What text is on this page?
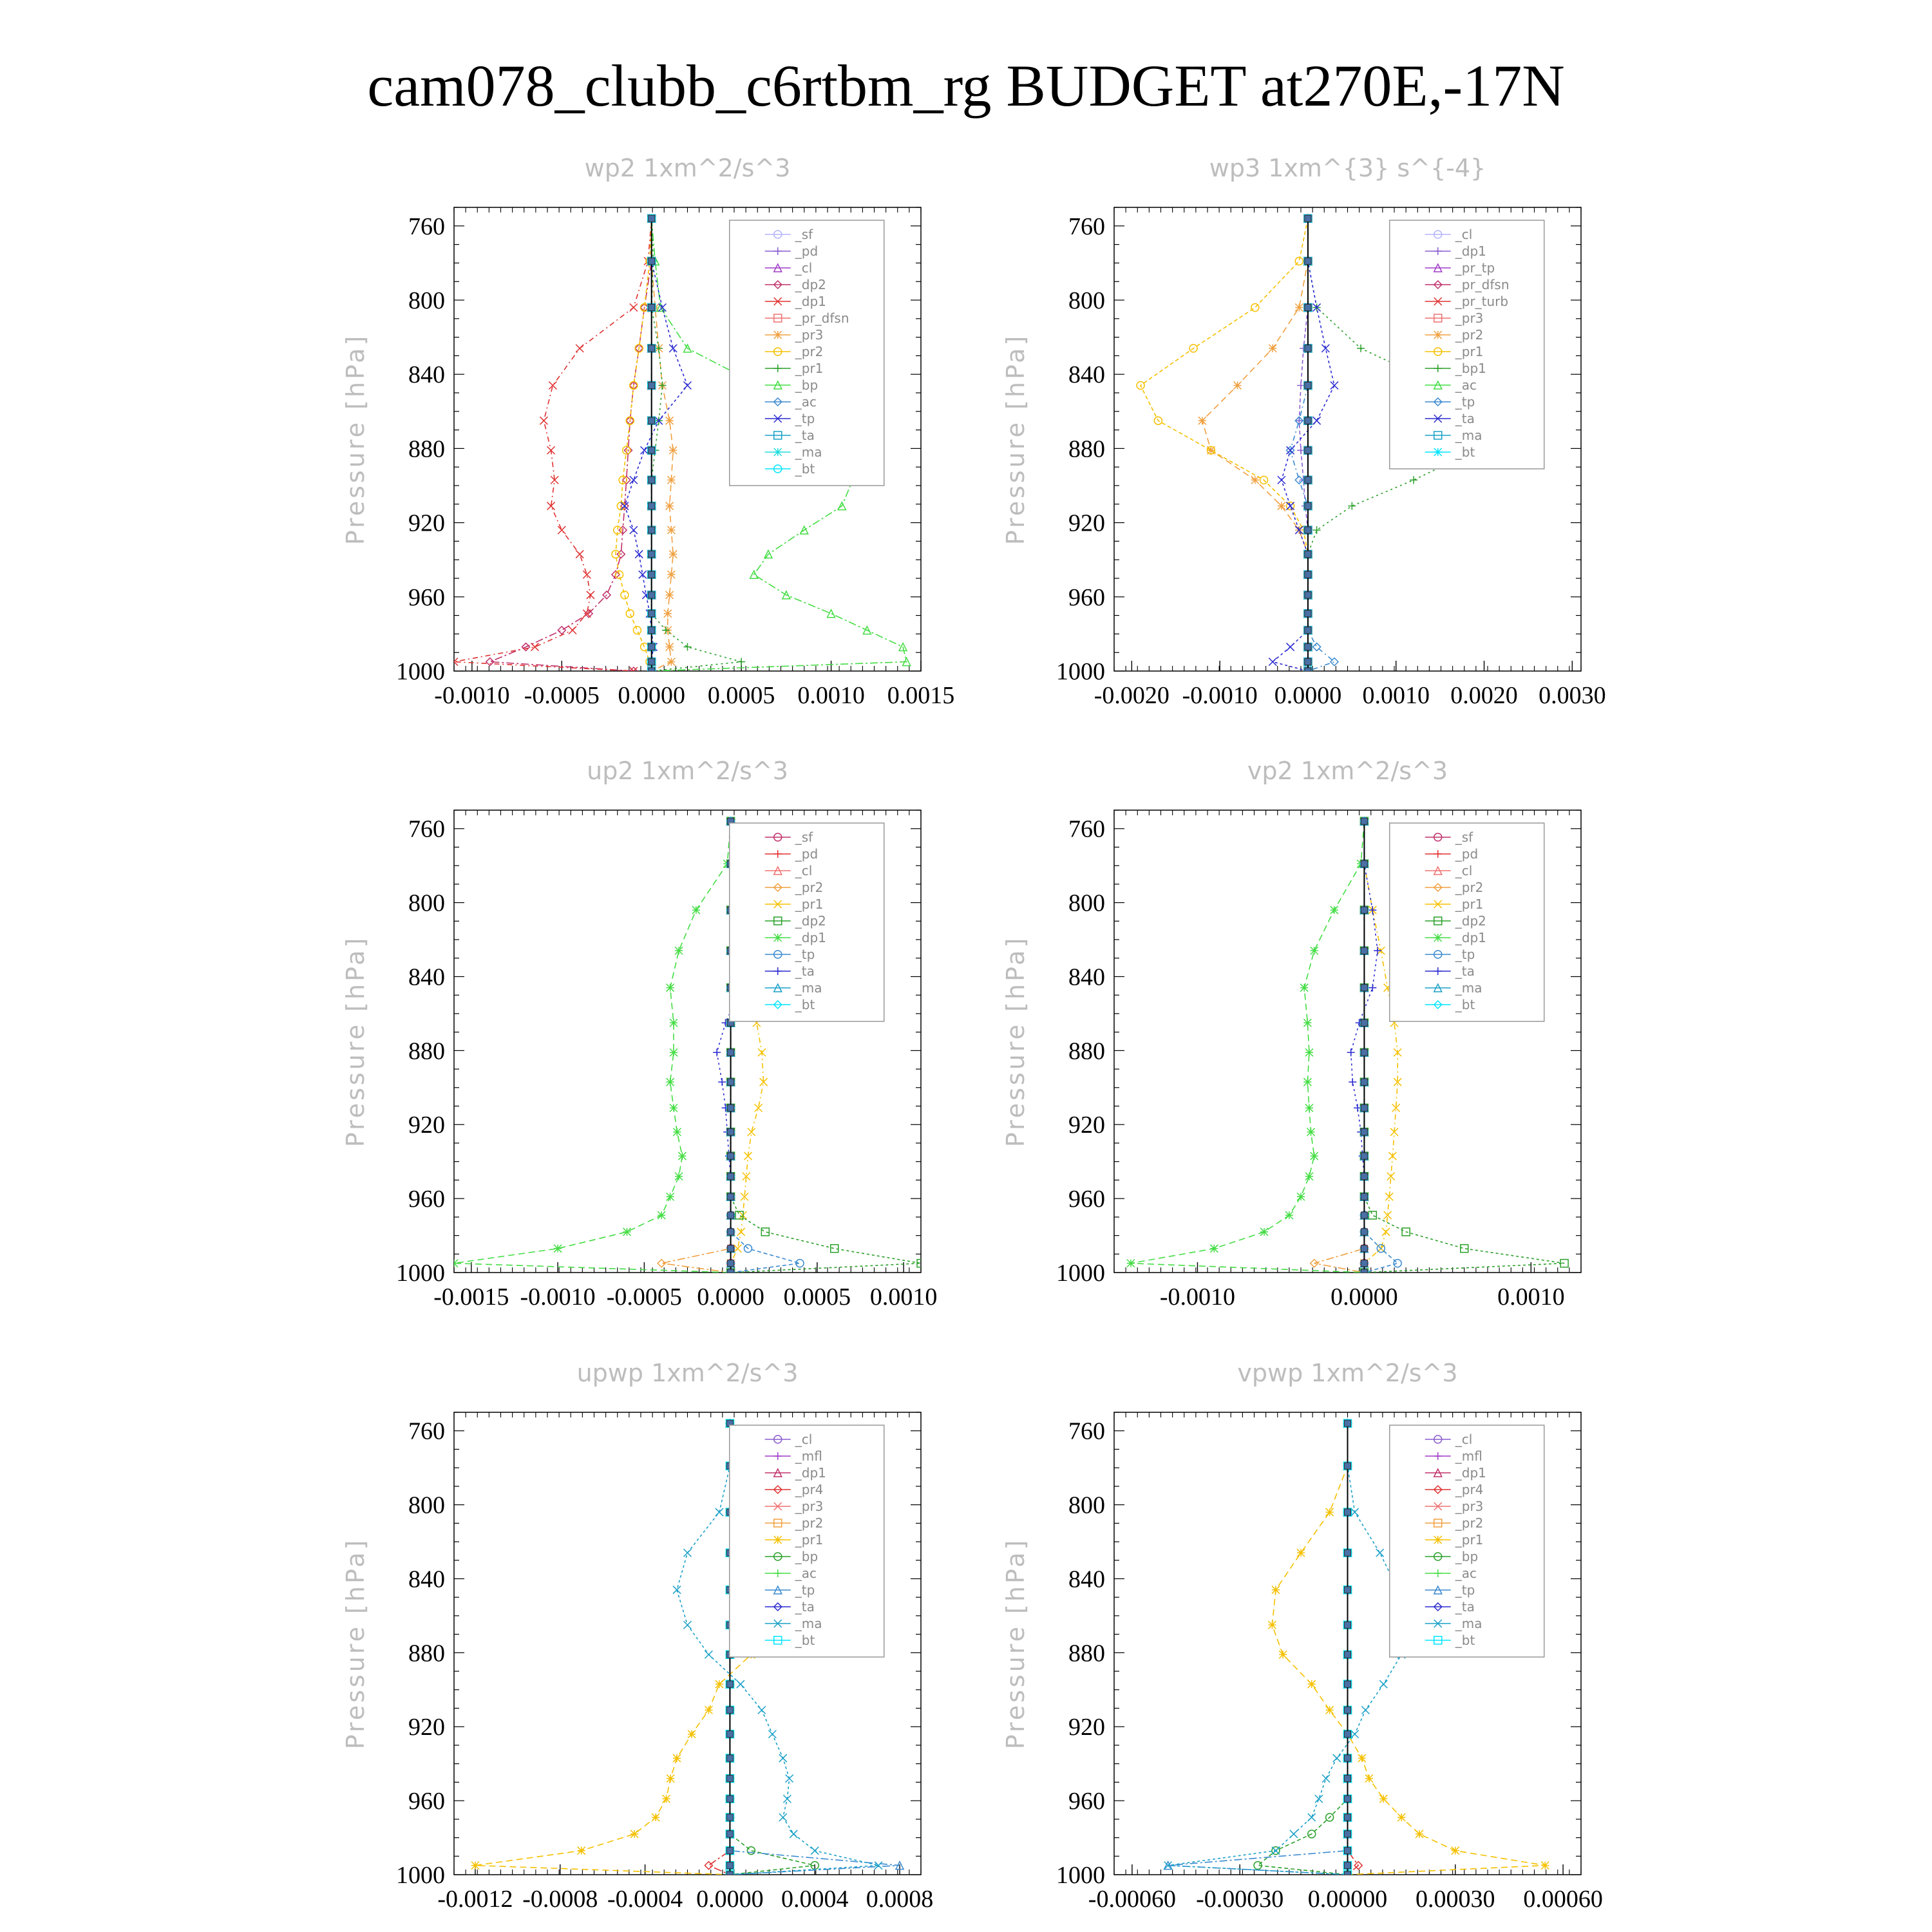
cam078_clubb_c6rtbm_rg BUDGET at270E,-17N
wp2 1xm^2/s^3
Pressure [hPa]
760
800
840
880
920
960
1000
-0.0010 -0.0005 0.0000 0.0005 0.0010 0.0015
_sf
_pd
_cl
_dp2
_dp1
_pr_dfsn
_pr3
_pr2
_pr1
_bp
_ac
_tp
_ta
_ma
_bt
wp3 1xm^{3} s^{-4}
Pressure [hPa]
760
800
840
880
920
960
1000
-0.0020 -0.0010 0.0000 0.0010 0.0020 0.0030
_cl
_dp1
_pr_tp
_pr_dfsn
_pr_turb
_pr3
_pr2
_pr1
_bp1
_ac
_tp
_ta
_ma
_bt
up2 1xm^2/s^3
Pressure [hPa]
760
800
840
880
920
960
1000
-0.0015 -0.0010 -0.0005 0.0000 0.0005 0.0010
_sf
_pd
_cl
_pr2
_pr1
_dp2
_dp1
_tp
_ta
_ma
_bt
vp2 1xm^2/s^3
Pressure [hPa]
760
800
840
880
920
960
1000
-0.0010	0.0000	0.0010
_sf
_pd
_cl
_pr2
_pr1
_dp2
_dp1
_tp
_ta
_ma
_bt
upwp 1xm^2/s^3
Pressure [hPa]
760
800
840
880
920
960
1000
-0.0012 -0.0008 -0.0004 0.0000 0.0004 0.0008
_cl
_mfl
_dp1
_pr4
_pr3
_pr2
_pr1
_bp
_ac
_tp
_ta
_ma
_bt
vpwp 1xm^2/s^3
Pressure [hPa]
760
800
840
880
920
960
1000
-0.00060 -0.00030 0.00000 0.00030 0.00060
_cl
_mfl
_dp1
_pr4
_pr3
_pr2
_pr1
_bp
_ac
_tp
_ta
_ma
_bt
